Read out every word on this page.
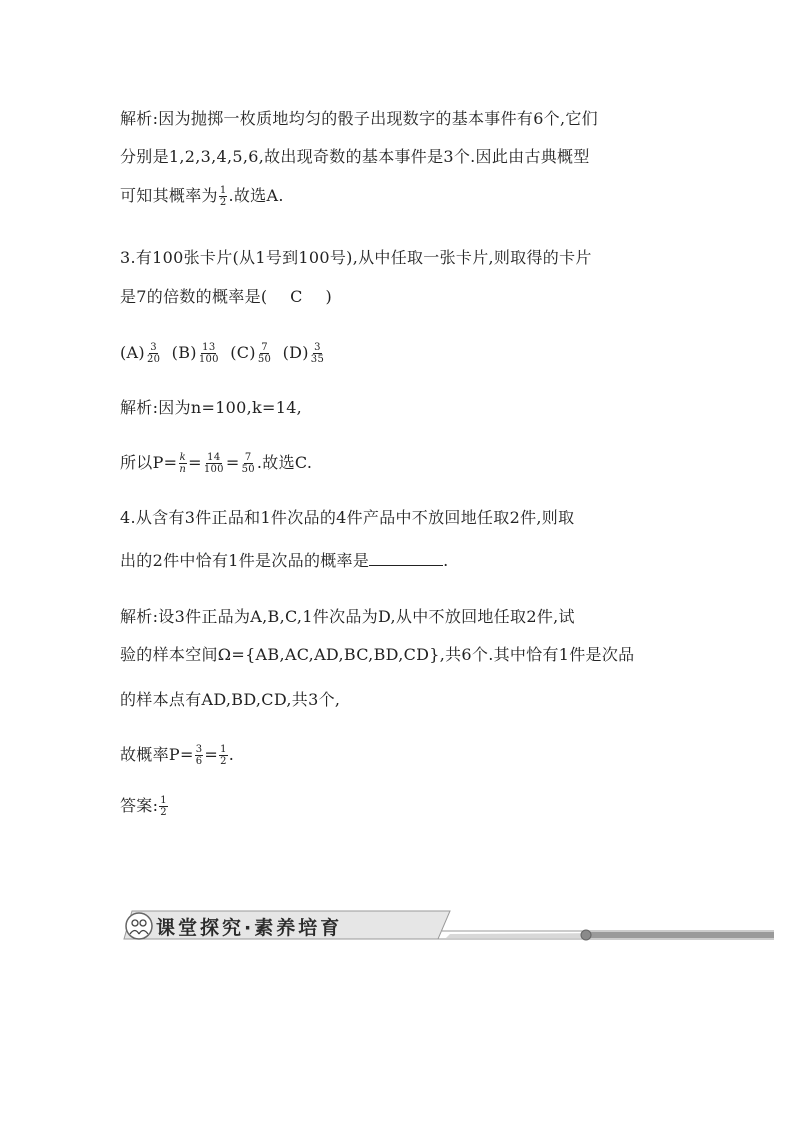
解析:因为抛掷一枚质地均匀的骰子出现数字的基本事件有6个,它们
分别是1,2,3,4,5,6,故出现奇数的基本事件是3个.因此由古典概型
可知其概率为 $\frac{1}{2}$ .故选A.
3.有100张卡片(从1号到100号),从中任取一张卡片,则取得的卡片
是7的倍数的概率是( C )
$(A) \frac{3}{20} (B) \frac{13}{100} (C) \frac{7}{50} (D) \frac{3}{35}$
解析:因为n=100,k=14,
所以$P= \frac{k}{n} = \frac{14}{100} = \frac{7}{50}$ .故选C.
4.从含有3件正品和1件次品的4件产品中不放回地任取2件,则取
出的2件中恰有1件是次品的概率是	.
解析:设3件正品为A,B,C,1件次品为D,从中不放回地任取2件,试
验的样本空间Ω={AB,AC,AD,BC,BD,CD},共6个.其中恰有1件是次品
的样本点有AD,BD,CD,共3个,
故概率$P= \frac{3}{6} = \frac{1}{2}$ .
答案: $\frac{1}{2}$
课堂探究·素养培育
